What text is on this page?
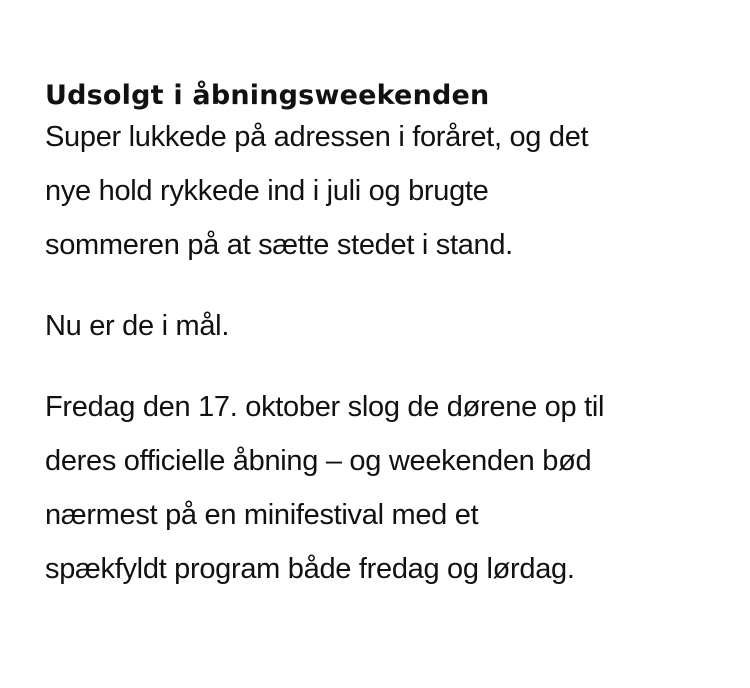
Udsolgt i åbningsweekenden

Super lukkede på adressen i foråret, og det
nye hold rykkede ind i juli og brugte
sommeren på at sætte stedet i stand.

Nu er de i mål.

Fredag den 17. oktober slog de dørene op til
deres officielle åbning – og weekenden bød
nærmest på en minifestival med et
spækfyldt program både fredag og lørdag.
